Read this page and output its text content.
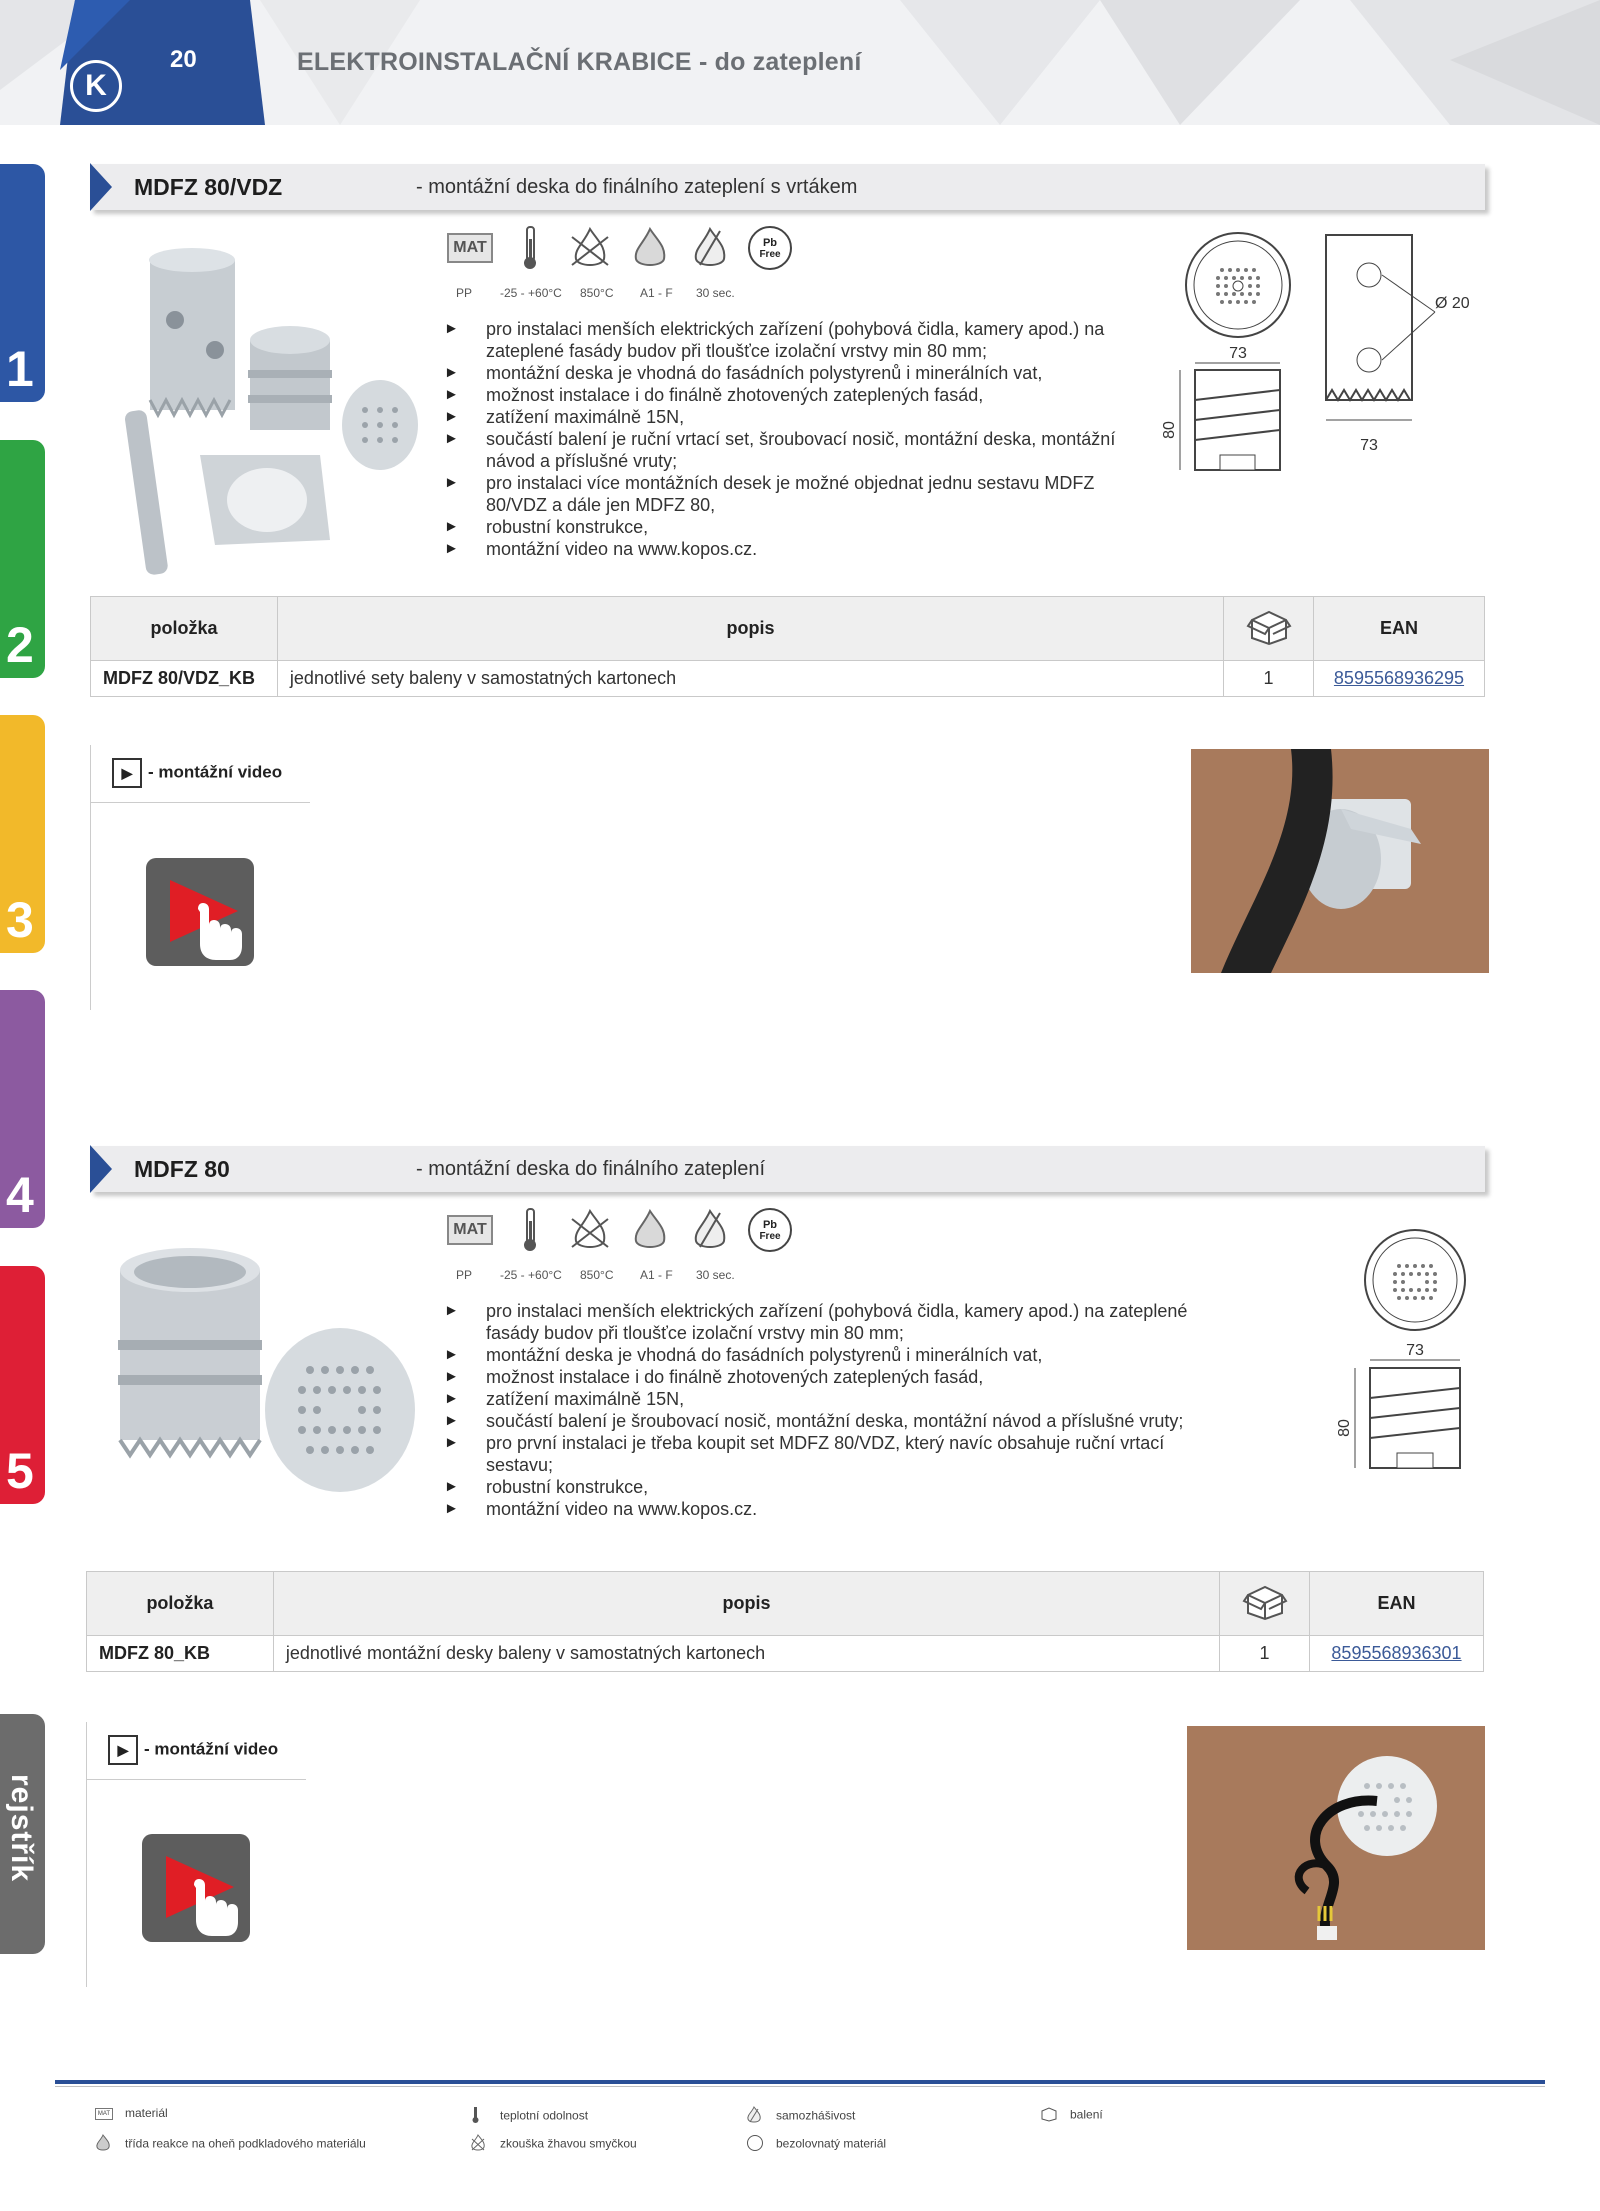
K
20	ELEKTROINSTALAČNÍ KRABICE - do zateplení
1
2
3
4
5
rejstřík
MDFZ 80/VDZ	- montážní deska do finálního zateplení s vrtákem
MAT	Pb
Free
PP -25 - +60°C 850°C A1 - F 30 sec.
► pro instalaci menších elektrických zařízení (pohybová čidla, kamery apod.) na zateplené fasády budov při tloušťce izolační vrstvy min 80 mm;
► montážní deska je vhodná do fasádních polystyrenů i minerálních vat,
► možnost instalace i do finálně zhotovených zateplených fasád,
► zatížení maximálně 15N,
► součástí balení je ruční vrtací set, šroubovací nosič, montážní deska, montážní návod a příslušné vruty;
► pro instalaci více montážních desek je možné objednat jednu sestavu MDFZ 80/VDZ a dále jen MDFZ 80,
► robustní konstrukce,
► montážní video na www.kopos.cz.
73
80
Ø 20
73
položka	popis		EAN
MDFZ 80/VDZ_KB	jednotlivé sety baleny v samostatných kartonech	1	8595568936295
▶ - montážní video
MDFZ 80	- montážní deska do finálního zateplení
MAT	Pb
Free
PP -25 - +60°C 850°C A1 - F 30 sec.
► pro instalaci menších elektrických zařízení (pohybová čidla, kamery apod.) na zateplené fasády budov při tloušťce izolační vrstvy min 80 mm;
► montážní deska je vhodná do fasádních polystyrenů i minerálních vat,
► možnost instalace i do finálně zhotovených zateplených fasád,
► zatížení maximálně 15N,
► součástí balení je šroubovací nosič, montážní deska, montážní návod a příslušné vruty;
► pro první instalaci je třeba koupit set MDFZ 80/VDZ, který navíc obsahuje ruční vrtací sestavu;
► robustní konstrukce,
► montážní video na www.kopos.cz.
73
80
položka	popis		EAN
MDFZ 80_KB	jednotlivé montážní desky baleny v samostatných kartonech	1	8595568936301
▶ - montážní video
MAT materiál
třída reakce na oheň podkladového materiálu
teplotní odolnost
zkouška žhavou smyčkou
samozhášivost
bezolovnatý materiál
balení
